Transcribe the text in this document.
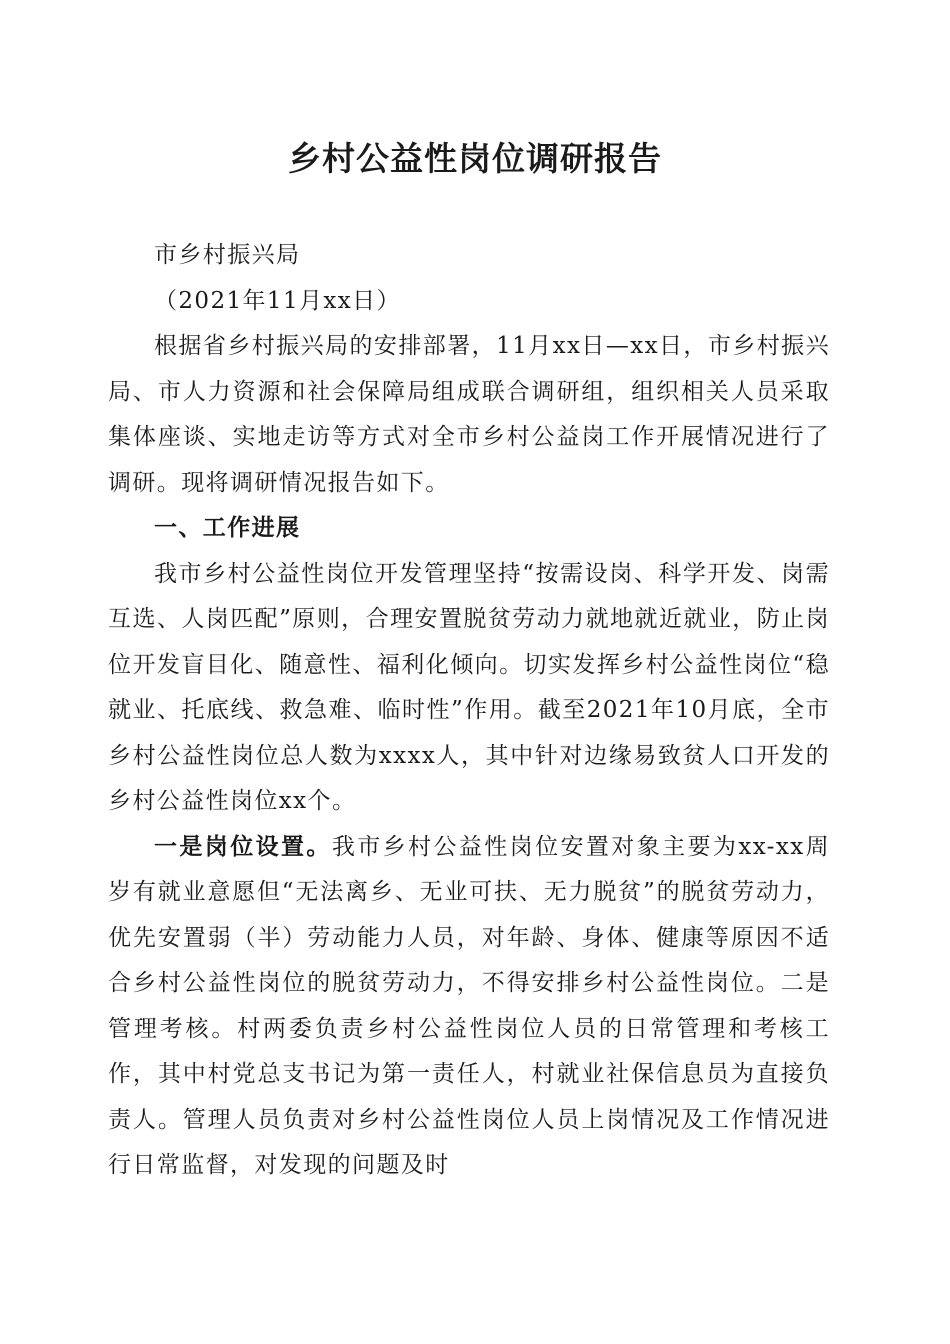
乡村公益性岗位调研报告

市乡村振兴局

（2021年11月xx日）

根据省乡村振兴局的安排部署，11月xx日—xx日，市乡村振兴局、市人力资源和社会保障局组成联合调研组，组织相关人员采取集体座谈、实地走访等方式对全市乡村公益岗工作开展情况进行了调研。现将调研情况报告如下。

一、工作进展

我市乡村公益性岗位开发管理坚持“按需设岗、科学开发、岗需互选、人岗匹配”原则，合理安置脱贫劳动力就地就近就业，防止岗位开发盲目化、随意性、福利化倾向。切实发挥乡村公益性岗位“稳就业、托底线、救急难、临时性”作用。截至2021年10月底，全市乡村公益性岗位总人数为xxxx人，其中针对边缘易致贫人口开发的乡村公益性岗位xx个。

一是岗位设置。我市乡村公益性岗位安置对象主要为xx-xx周岁有就业意愿但“无法离乡、无业可扶、无力脱贫”的脱贫劳动力，优先安置弱（半）劳动能力人员，对年龄、身体、健康等原因不适合乡村公益性岗位的脱贫劳动力，不得安排乡村公益性岗位。二是管理考核。村两委负责乡村公益性岗位人员的日常管理和考核工作，其中村党总支书记为第一责任人，村就业社保信息员为直接负责人。管理人员负责对乡村公益性岗位人员上岗情况及工作情况进行日常监督，对发现的问题及时
